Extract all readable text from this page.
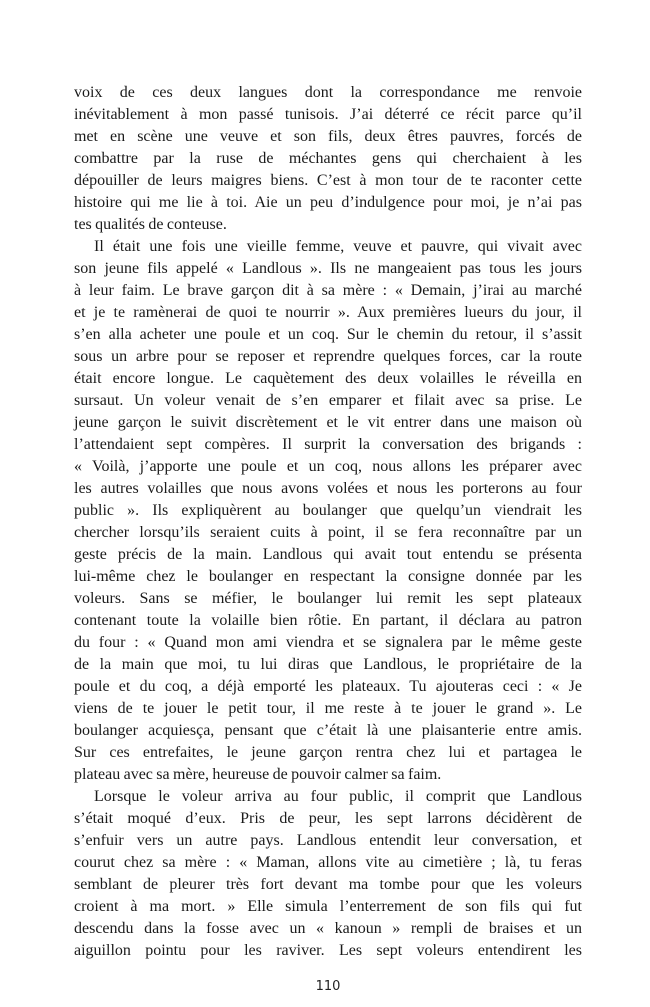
voix de ces deux langues dont la correspondance me renvoie
inévitablement à mon passé tunisois. J’ai déterré ce récit parce qu’il
met en scène une veuve et son fils, deux êtres pauvres, forcés de
combattre par la ruse de méchantes gens qui cherchaient à les
dépouiller de leurs maigres biens. C’est à mon tour de te raconter cette
histoire qui me lie à toi. Aie un peu d’indulgence pour moi, je n’ai pas
tes qualités de conteuse.
Il était une fois une vieille femme, veuve et pauvre, qui vivait avec
son jeune fils appelé « Landlous ». Ils ne mangeaient pas tous les jours
à leur faim. Le brave garçon dit à sa mère : « Demain, j’irai au marché
et je te ramènerai de quoi te nourrir ». Aux premières lueurs du jour, il
s’en alla acheter une poule et un coq. Sur le chemin du retour, il s’assit
sous un arbre pour se reposer et reprendre quelques forces, car la route
était encore longue. Le caquètement des deux volailles le réveilla en
sursaut. Un voleur venait de s’en emparer et filait avec sa prise. Le
jeune garçon le suivit discrètement et le vit entrer dans une maison où
l’attendaient sept compères. Il surprit la conversation des brigands :
« Voilà, j’apporte une poule et un coq, nous allons les préparer avec
les autres volailles que nous avons volées et nous les porterons au four
public ». Ils expliquèrent au boulanger que quelqu’un viendrait les
chercher lorsqu’ils seraient cuits à point, il se fera reconnaître par un
geste précis de la main. Landlous qui avait tout entendu se présenta
lui-même chez le boulanger en respectant la consigne donnée par les
voleurs. Sans se méfier, le boulanger lui remit les sept plateaux
contenant toute la volaille bien rôtie. En partant, il déclara au patron
du four : « Quand mon ami viendra et se signalera par le même geste
de la main que moi, tu lui diras que Landlous, le propriétaire de la
poule et du coq, a déjà emporté les plateaux. Tu ajouteras ceci : « Je
viens de te jouer le petit tour, il me reste à te jouer le grand ». Le
boulanger acquiesça, pensant que c’était là une plaisanterie entre amis.
Sur ces entrefaites, le jeune garçon rentra chez lui et partagea le
plateau avec sa mère, heureuse de pouvoir calmer sa faim.
Lorsque le voleur arriva au four public, il comprit que Landlous
s’était moqué d’eux. Pris de peur, les sept larrons décidèrent de
s’enfuir vers un autre pays. Landlous entendit leur conversation, et
courut chez sa mère : « Maman, allons vite au cimetière ; là, tu feras
semblant de pleurer très fort devant ma tombe pour que les voleurs
croient à ma mort. » Elle simula l’enterrement de son fils qui fut
descendu dans la fosse avec un « kanoun » rempli de braises et un
aiguillon pointu pour les raviver. Les sept voleurs entendirent les
110
